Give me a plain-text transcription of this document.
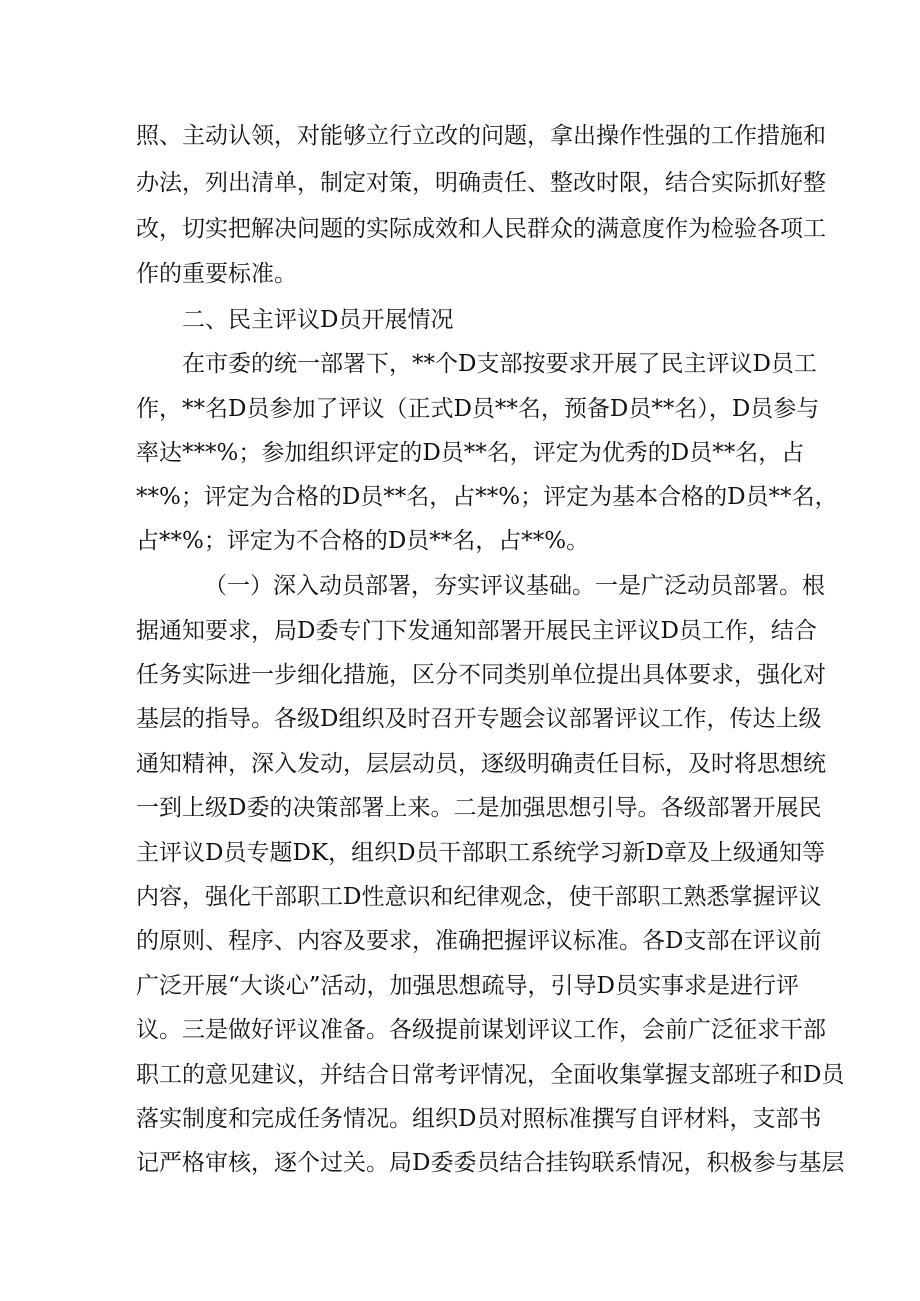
照、主动认领，对能够立行立改的问题，拿出操作性强的工作措施和
办法，列出清单，制定对策，明确责任、整改时限，结合实际抓好整
改，切实把解决问题的实际成效和人民群众的满意度作为检验各项工
作的重要标准。
二、民主评议D员开展情况
在市委的统一部署下，**个D支部按要求开展了民主评议D员工
作，**名D员参加了评议（正式D员**名，预备D员**名），D员参与
率达***%；参加组织评定的D员**名，评定为优秀的D员**名，占
**%；评定为合格的D员**名，占**%；评定为基本合格的D员**名，
占**%；评定为不合格的D员**名，占**%。
（一）深入动员部署，夯实评议基础。一是广泛动员部署。根
据通知要求，局D委专门下发通知部署开展民主评议D员工作，结合
任务实际进一步细化措施，区分不同类别单位提出具体要求，强化对
基层的指导。各级D组织及时召开专题会议部署评议工作，传达上级
通知精神，深入发动，层层动员，逐级明确责任目标，及时将思想统
一到上级D委的决策部署上来。二是加强思想引导。各级部署开展民
主评议D员专题DK，组织D员干部职工系统学习新D章及上级通知等
内容，强化干部职工D性意识和纪律观念，使干部职工熟悉掌握评议
的原则、程序、内容及要求，准确把握评议标准。各D支部在评议前
广泛开展“大谈心”活动，加强思想疏导，引导D员实事求是进行评
议。三是做好评议准备。各级提前谋划评议工作，会前广泛征求干部
职工的意见建议，并结合日常考评情况，全面收集掌握支部班子和D员
落实制度和完成任务情况。组织D员对照标准撰写自评材料，支部书
记严格审核，逐个过关。局D委委员结合挂钩联系情况，积极参与基层
